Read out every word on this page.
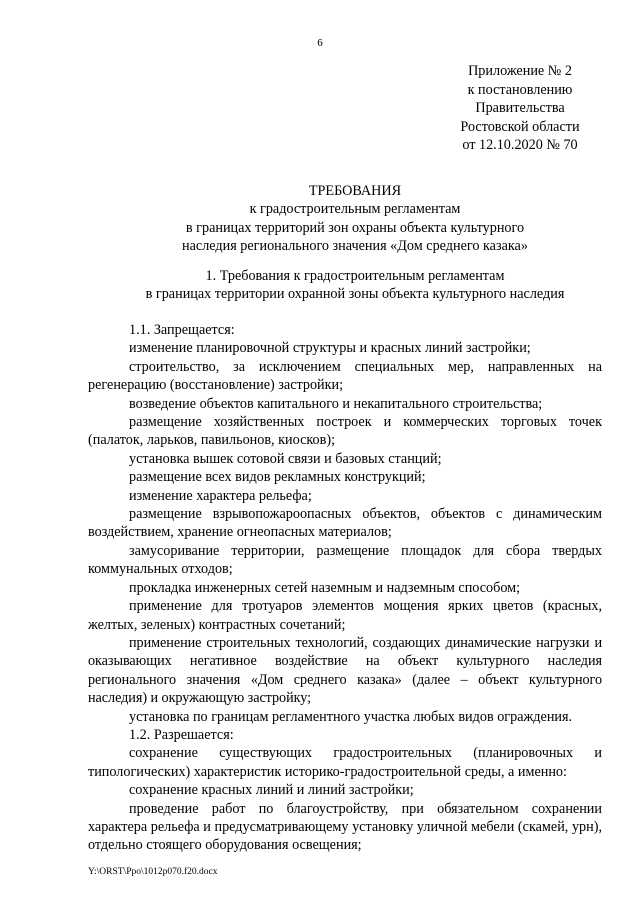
6
Приложение № 2
к постановлению
Правительства
Ростовской области
от 12.10.2020 № 70
ТРЕБОВАНИЯ
к градостроительным регламентам
в границах территорий зон охраны объекта культурного
наследия регионального значения «Дом среднего казака»
1. Требования к градостроительным регламентам
в границах территории охранной зоны объекта культурного наследия

1.1. Запрещается:

изменение планировочной структуры и красных линий застройки;

строительство, за исключением специальных мер, направленных на регенерацию (восстановление) застройки;

возведение объектов капитального и некапитального строительства;

размещение хозяйственных построек и коммерческих торговых точек (палаток, ларьков, павильонов, киосков);

установка вышек сотовой связи и базовых станций;

размещение всех видов рекламных конструкций;

изменение характера рельефа;

размещение взрывопожароопасных объектов, объектов с динамическим воздействием, хранение огнеопасных материалов;

замусоривание территории, размещение площадок для сбора твердых коммунальных отходов;

прокладка инженерных сетей наземным и надземным способом;

применение для тротуаров элементов мощения ярких цветов (красных, желтых, зеленых) контрастных сочетаний;

применение строительных технологий, создающих динамические нагрузки и оказывающих негативное воздействие на объект культурного наследия регионального значения «Дом среднего казака» (далее – объект культурного наследия) и окружающую застройку;

установка по границам регламентного участка любых видов ограждения.

1.2. Разрешается:

сохранение существующих градостроительных (планировочных и типологических) характеристик историко-градостроительной среды, а именно:

сохранение красных линий и линий застройки;

проведение работ по благоустройству, при обязательном сохранении характера рельефа и предусматривающему установку уличной мебели (скамей, урн), отдельно стоящего оборудования освещения;

Y:\ORST\Ppo\1012p070.f20.docx
